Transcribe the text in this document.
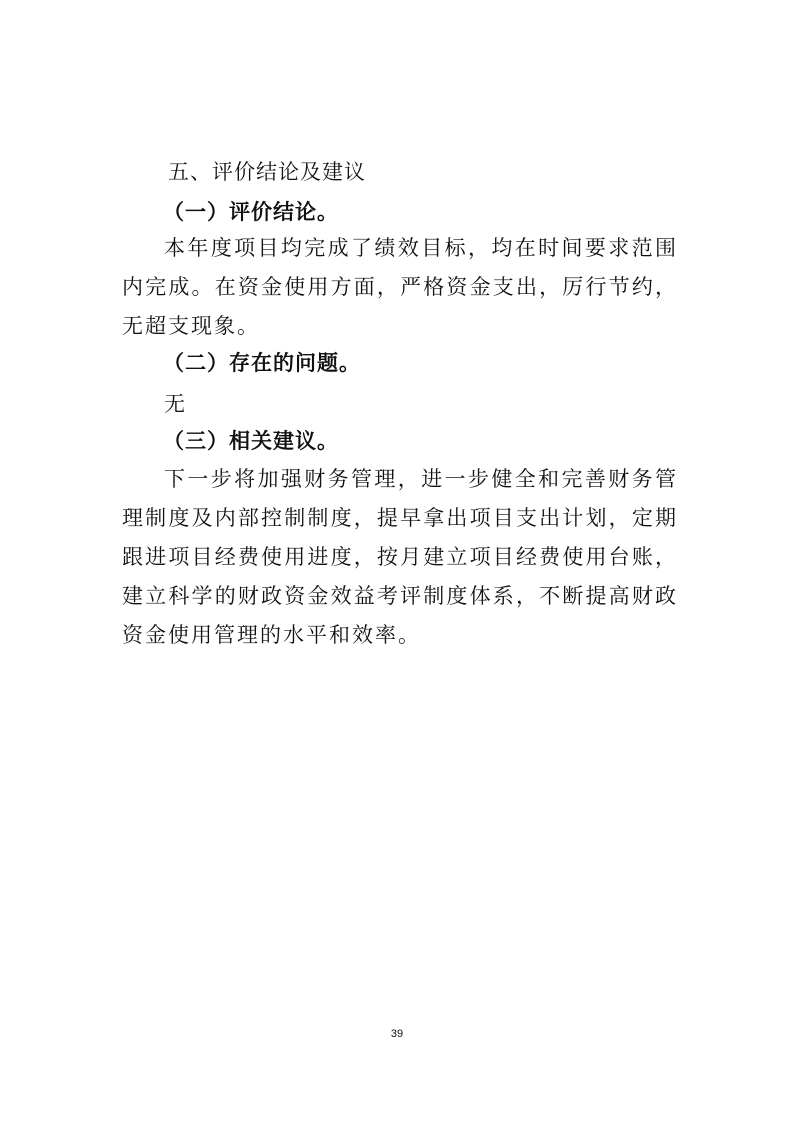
五、评价结论及建议
（一）评价结论。

本年度项目均完成了绩效目标，均在时间要求范围内完成。在资金使用方面，严格资金支出，厉行节约，无超支现象。

（二）存在的问题。

无

（三）相关建议。

下一步将加强财务管理，进一步健全和完善财务管理制度及内部控制制度，提早拿出项目支出计划，定期跟进项目经费使用进度，按月建立项目经费使用台账，建立科学的财政资金效益考评制度体系，不断提高财政资金使用管理的水平和效率。

39
